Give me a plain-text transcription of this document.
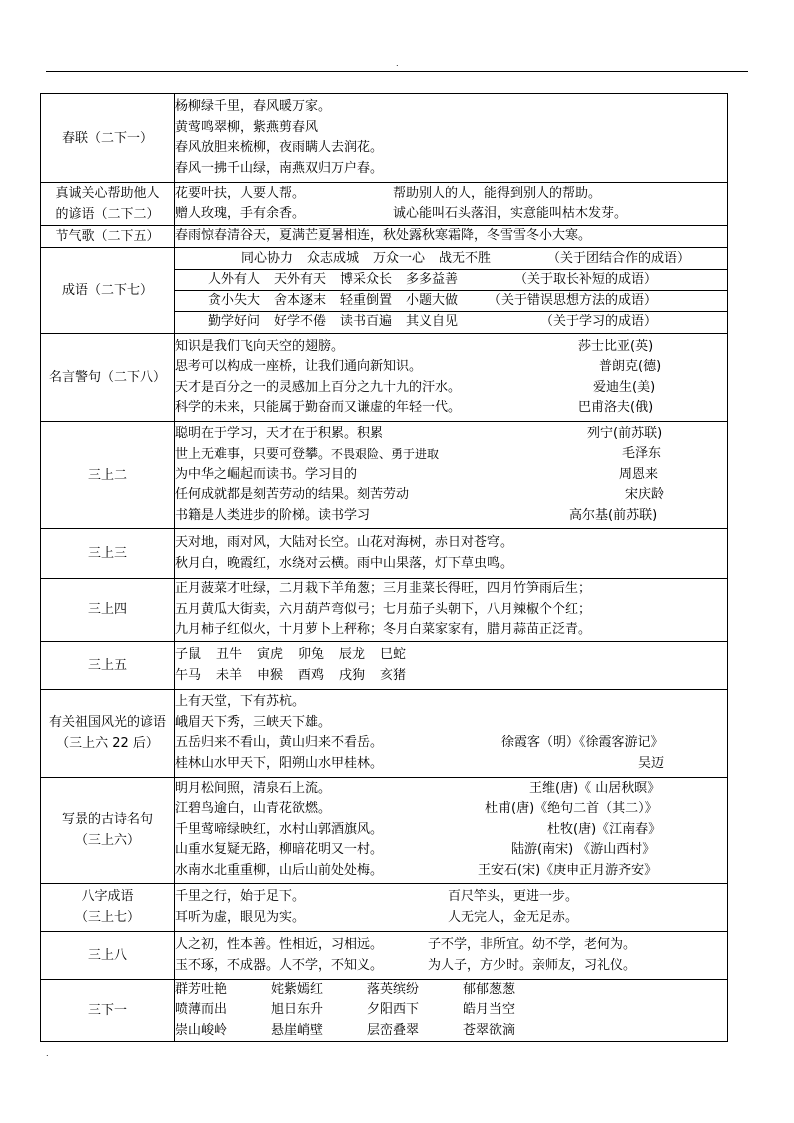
.
春联（二下一）	
杨柳绿千里，春风暖万家。
黄莺鸣翠柳，紫燕剪春风
春风放胆来梳柳，夜雨瞒人去润花。
春风一拂千山绿，南燕双归万户春。

真诚关心帮助他人
的谚语（二下二）	
花要叶扶，人要人帮。	帮助别人的人，能得到别人的帮助。
赠人玫瑰，手有余香。	诚心能叫石头落泪，实意能叫枯木发芽。

节气歌（二下五）	春雨惊春清谷天，夏满芒夏暑相连，秋处露秋寒霜降，冬雪雪冬小大寒。

成语（二下七）	
同心协力 众志成城 万众一心 战无不胜	（关于团结合作的成语）
人外有人 天外有天 博采众长 多多益善	（关于取长补短的成语）
贪小失大 舍本逐末 轻重倒置 小题大做 （关于错误思想方法的成语）
勤学好问 好学不倦 读书百遍 其义自见	（关于学习的成语）

名言警句（二下八）	
知识是我们飞向天空的翅膀。	莎士比亚(英)
思考可以构成一座桥，让我们通向新知识。	普朗克(德)
天才是百分之一的灵感加上百分之九十九的汗水。	爱迪生(美)
科学的未来，只能属于勤奋而又谦虚的年轻一代。	巴甫洛夫(俄)

三上二	
聪明在于学习，天才在于积累。积累	列宁(前苏联)
世上无难事，只要可登攀。不畏艰险、勇于进取	毛泽东
为中华之崛起而读书。学习目的	周恩来
任何成就都是刻苦劳动的结果。刻苦劳动	宋庆龄
书籍是人类进步的阶梯。读书学习	高尔基(前苏联)

三上三	
天对地，雨对风，大陆对长空。山花对海树，赤日对苍穹。
秋月白，晚霞红，水绕对云横。雨中山果落，灯下草虫鸣。

三上四	
正月菠菜才吐绿，二月栽下羊角葱；三月韭菜长得旺，四月竹笋雨后生；
五月黄瓜大街卖，六月葫芦弯似弓；七月茄子头朝下，八月辣椒个个红；
九月柿子红似火，十月萝卜上秤称；冬月白菜家家有，腊月蒜苗正泛青。

三上五	
子鼠 丑牛 寅虎 卯兔 辰龙 巳蛇
午马 未羊 申猴 酉鸡 戌狗 亥猪

有关祖国风光的谚语
（三上六 22 后）	
上有天堂，下有苏杭。
峨眉天下秀，三峡天下雄。
五岳归来不看山，黄山归来不看岳。	徐霞客（明）《徐霞客游记》
桂林山水甲天下，阳朔山水甲桂林。	吴迈

写景的古诗名句
（三上六）	
明月松间照，清泉石上流。	王维(唐)《 山居秋暝》
江碧鸟逾白，山青花欲燃。	杜甫(唐)《绝句二首（其二）》
千里莺啼绿映红，水村山郭酒旗风。	杜牧(唐)《江南春》
山重水复疑无路，柳暗花明又一村。	陆游(南宋) 《游山西村》
水南水北重重柳，山后山前处处梅。	王安石(宋)《庚申正月游齐安》

八字成语
（三上七）	
千里之行，始于足下。	百尺竿头，更进一步。
耳听为虚，眼见为实。	人无完人，金无足赤。

三上八	
人之初，性本善。性相近，习相远。	子不学，非所宜。幼不学，老何为。
玉不琢，不成器。人不学，不知义。	为人子，方少时。亲师友，习礼仪。

三下一	
群芳吐艳	姹紫嫣红	落英缤纷	郁郁葱葱
喷薄而出	旭日东升	夕阳西下	皓月当空
崇山峻岭	悬崖峭壁	层峦叠翠	苍翠欲滴
.
